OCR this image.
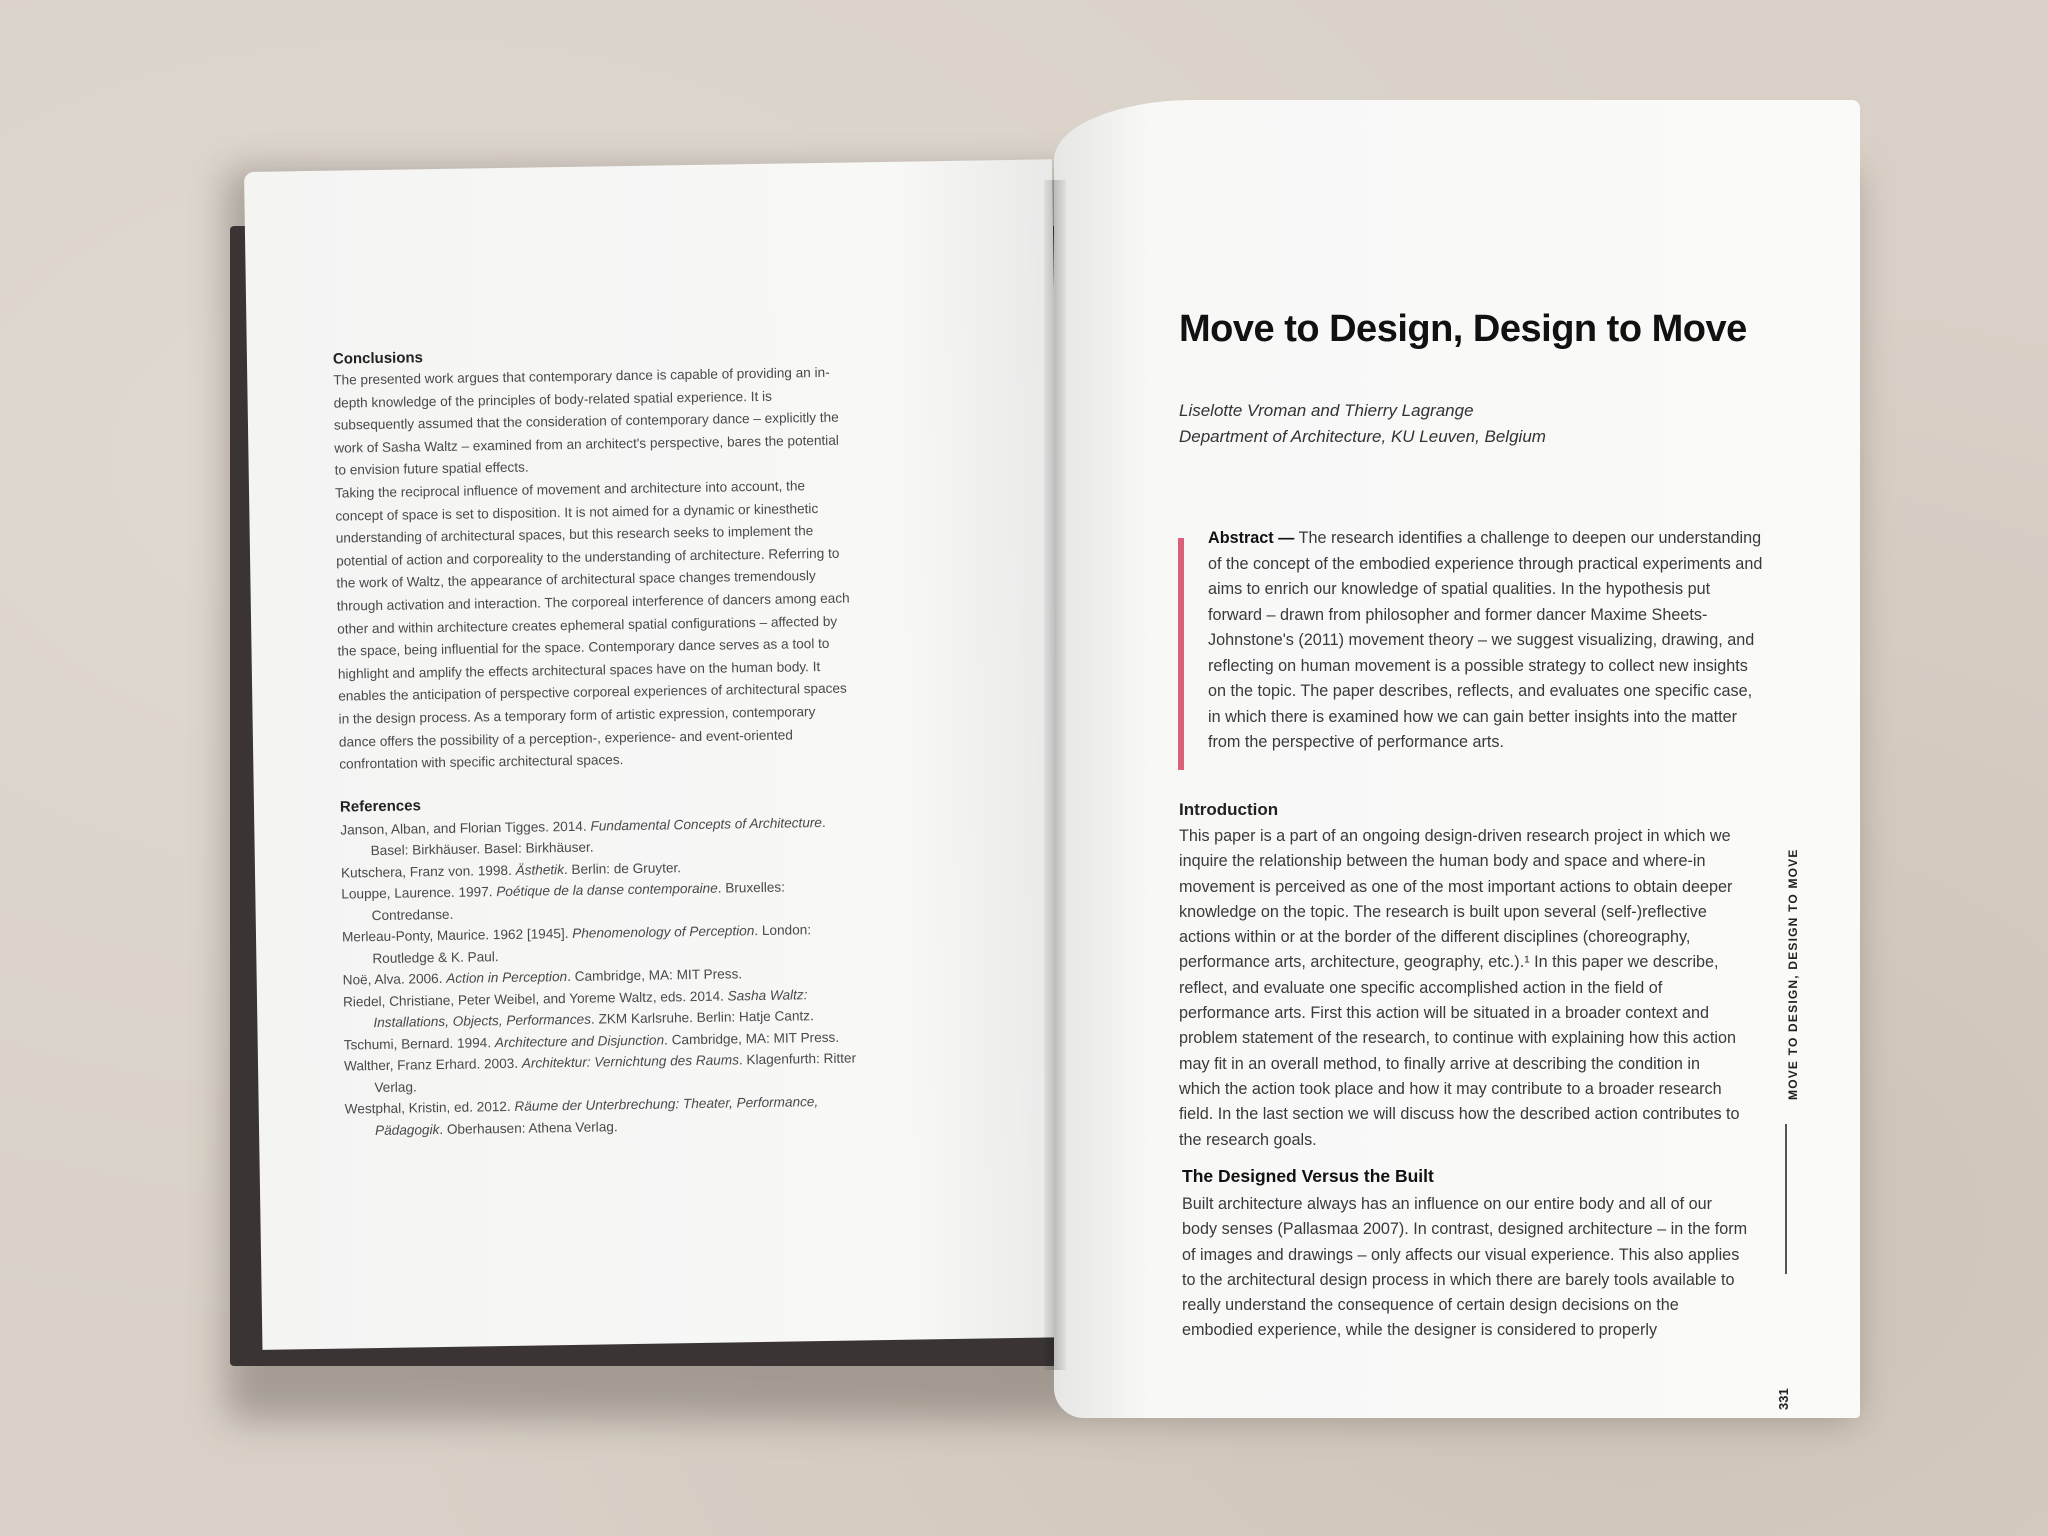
Conclusions

The presented work argues that contemporary dance is capable of providing an in-depth knowledge of the principles of body-related spatial experience. It is subsequently assumed that the consideration of contemporary dance – explicitly the work of Sasha Waltz – examined from an architect's perspective, bares the potential to envision future spatial effects.

Taking the reciprocal influence of movement and architecture into account, the concept of space is set to disposition. It is not aimed for a dynamic or kinesthetic understanding of architectural spaces, but this research seeks to implement the potential of action and corporeality to the understanding of architecture. Referring to the work of Waltz, the appearance of architectural space changes tremendously through activation and interaction. The corporeal interference of dancers among each other and within architecture creates ephemeral spatial configurations – affected by the space, being influential for the space. Contemporary dance serves as a tool to highlight and amplify the effects architectural spaces have on the human body. It enables the anticipation of perspective corporeal experiences of architectural spaces in the design process. As a temporary form of artistic expression, contemporary dance offers the possibility of a perception-, experience- and event-oriented confrontation with specific architectural spaces.

References

Janson, Alban, and Florian Tigges. 2014. Fundamental Concepts of Architecture. Basel: Birkhäuser. Basel: Birkhäuser.

Kutschera, Franz von. 1998. Ästhetik. Berlin: de Gruyter.

Louppe, Laurence. 1997. Poétique de la danse contemporaine. Bruxelles: Contredanse.

Merleau-Ponty, Maurice. 1962 [1945]. Phenomenology of Perception. London: Routledge & K. Paul.

Noë, Alva. 2006. Action in Perception. Cambridge, MA: MIT Press.

Riedel, Christiane, Peter Weibel, and Yoreme Waltz, eds. 2014. Sasha Waltz: Installations, Objects, Performances. ZKM Karlsruhe. Berlin: Hatje Cantz.

Tschumi, Bernard. 1994. Architecture and Disjunction. Cambridge, MA: MIT Press.

Walther, Franz Erhard. 2003. Architektur: Vernichtung des Raums. Klagenfurth: Ritter Verlag.

Westphal, Kristin, ed. 2012. Räume der Unterbrechung: Theater, Performance, Pädagogik. Oberhausen: Athena Verlag.

Move to Design, Design to Move
Liselotte Vroman and Thierry Lagrange
Department of Architecture, KU Leuven, Belgium
Abstract — The research identifies a challenge to deepen our understanding of the concept of the embodied experience through practical experiments and aims to enrich our knowledge of spatial qualities. In the hypothesis put forward – drawn from philosopher and former dancer Maxime Sheets-Johnstone's (2011) movement theory – we suggest visualizing, drawing, and reflecting on human movement is a possible strategy to collect new insights on the topic. The paper describes, reflects, and evaluates one specific case, in which there is examined how we can gain better insights into the matter from the perspective of performance arts.
Introduction
This paper is a part of an ongoing design-driven research project in which we inquire the relationship between the human body and space and where-in movement is perceived as one of the most important actions to obtain deeper knowledge on the topic. The research is built upon several (self-)reflective actions within or at the border of the different disciplines (choreography, performance arts, architecture, geography, etc.).¹ In this paper we describe, reflect, and evaluate one specific accomplished action in the field of performance arts. First this action will be situated in a broader context and problem statement of the research, to continue with explaining how this action may fit in an overall method, to finally arrive at describing the condition in which the action took place and how it may contribute to a broader research field. In the last section we will discuss how the described action contributes to the research goals.
The Designed Versus the Built
Built architecture always has an influence on our entire body and all of our body senses (Pallasmaa 2007). In contrast, designed architecture – in the form of images and drawings – only affects our visual experience. This also applies to the architectural design process in which there are barely tools available to really understand the consequence of certain design decisions on the embodied experience, while the designer is considered to properly
MOVE TO DESIGN, DESIGN TO MOVE
331
